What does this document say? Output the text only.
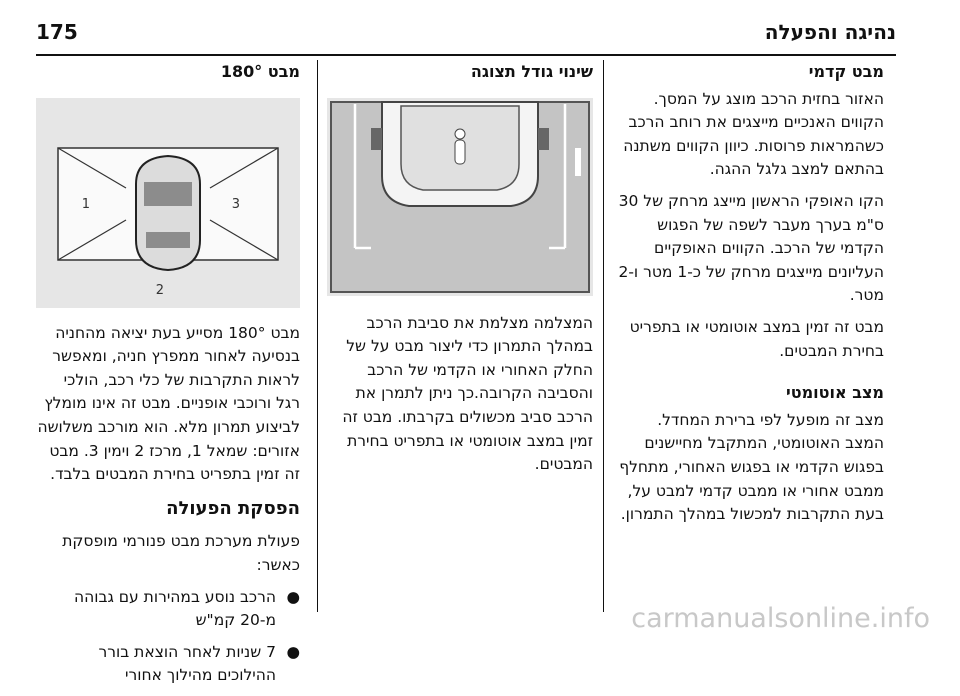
נהיגה והפעלה
175
מבט קדמי

האזור בחזית הרכב מוצג על המסך. הקווים האנכיים מייצגים את רוחב הרכב כשהמראות פרוסות. כיוון הקווים משתנה בהתאם למצב גלגל ההגה.

הקו האופקי הראשון מייצג מרחק של 30 ס"מ בערך מעבר לשפה של הפגוש הקדמי של הרכב. הקווים האופקיים העליונים מייצגים מרחק של כ-1 מטר ו-2 מטר.

מבט זה זמין במצב אוטומטי או בתפריט בחירת המבטים.

מצב אוטומטי

מצב זה מופעל לפי ברירת המחדל. המצב האוטומטי, המתקבל מחיישנים בפגוש הקדמי או בפגוש האחורי, מתחלף ממבט אחורי או ממבט קדמי למבט על, בעת התקרבות למכשול במהלך התמרון.

שינוי גודל תצוגה

המצלמה מצלמת את סביבת הרכב במהלך התמרון כדי ליצור מבט על של החלק האחורי או הקדמי של הרכב והסביבה הקרובה.כך ניתן לתמרן את הרכב סביב מכשולים בקרבתו. מבט זה זמין במצב אוטומטי או בתפריט בחירת המבטים.

מבט 180°
1
2
3

מבט 180° מסייע בעת יציאה מהחניה בנסיעה לאחור ממפרץ חניה, ומאפשר לראות התקרבות של כלי רכב, הולכי רגל ורוכבי אופניים. מבט זה אינו מומלץ לביצוע תמרון מלא. הוא מורכב משלושה אזורים: שמאל 1, מרכז 2 וימין 3. מבט זה זמין בתפריט בחירת המבטים בלבד.

הפסקת הפעולה

פעולת מערכת מבט פנורמי מופסקת כאשר:

●
הרכב נוסע במהירות עם גבוהה מ-20 קמ"ש
●
7 שניות לאחר הוצאת בורר ההילוכים מהילוך אחורי
carmanualsonline.info
